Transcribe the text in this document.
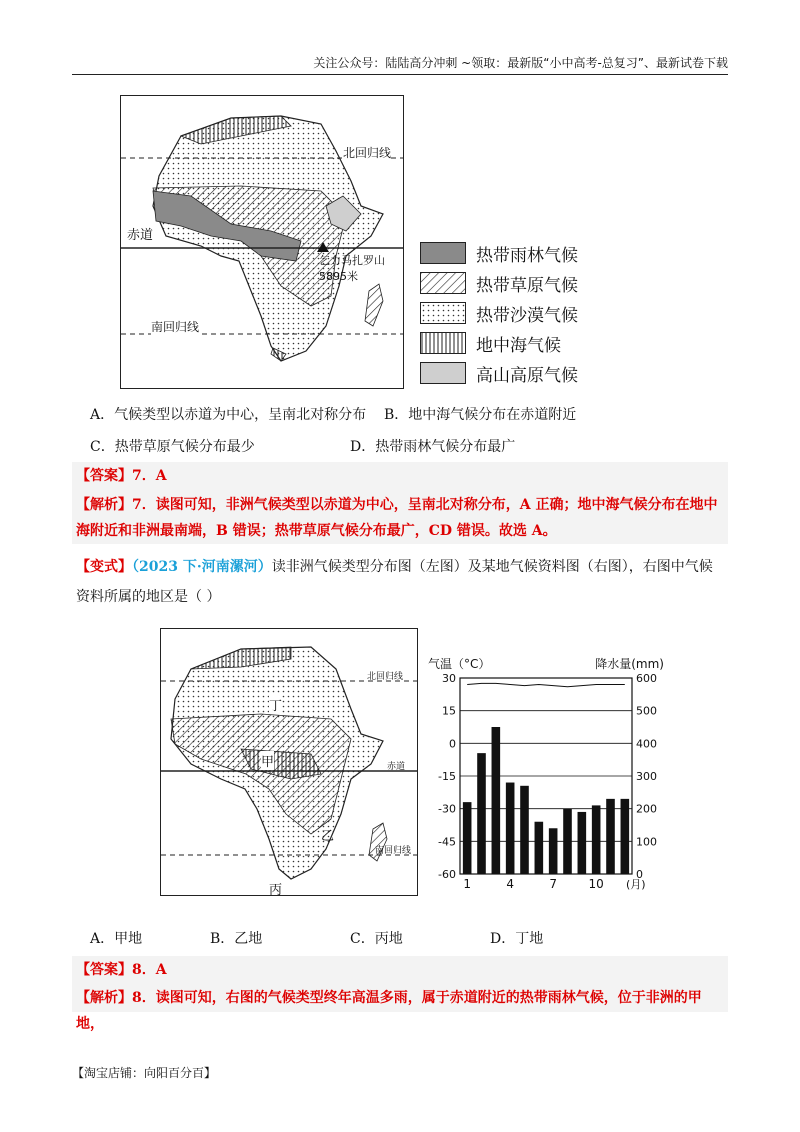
关注公众号：陆陆高分冲刺 ~领取：最新版“小中高考-总复习”、最新试卷下载
北回归线
赤道
南回归线
乞力马扎罗山
5895米
热带雨林气候
热带草原气候
热带沙漠气候
地中海气候
高山高原气候
A．气候类型以赤道为中心，呈南北对称分布 B．地中海气候分布在赤道附近
C．热带草原气候分布最少	D．热带雨林气候分布最广
【答案】7．A
【解析】7．读图可知，非洲气候类型以赤道为中心，呈南北对称分布，A 正确；地中海气候分布在地中海附近和非洲最南端，B 错误；热带草原气候分布最广，CD 错误。故选 A。
【变式】（2023 下·河南漯河）读非洲气候类型分布图（左图）及某地气候资料图（右图），右图中气候资料所属的地区是（ ）
北回归线
赤道
南回归线
丁
甲
乙
丙
30
15
0
-15
-30
-45
-60
600
500
400
300
200
100
0
1	4	7	10 (月)
气温（°C）	降水量(mm)
A．甲地	B．乙地	C．丙地	D．丁地
【答案】8．A
【解析】8．读图可知，右图的气候类型终年高温多雨，属于赤道附近的热带雨林气候，位于非洲的甲地，
【淘宝店铺：向阳百分百】
